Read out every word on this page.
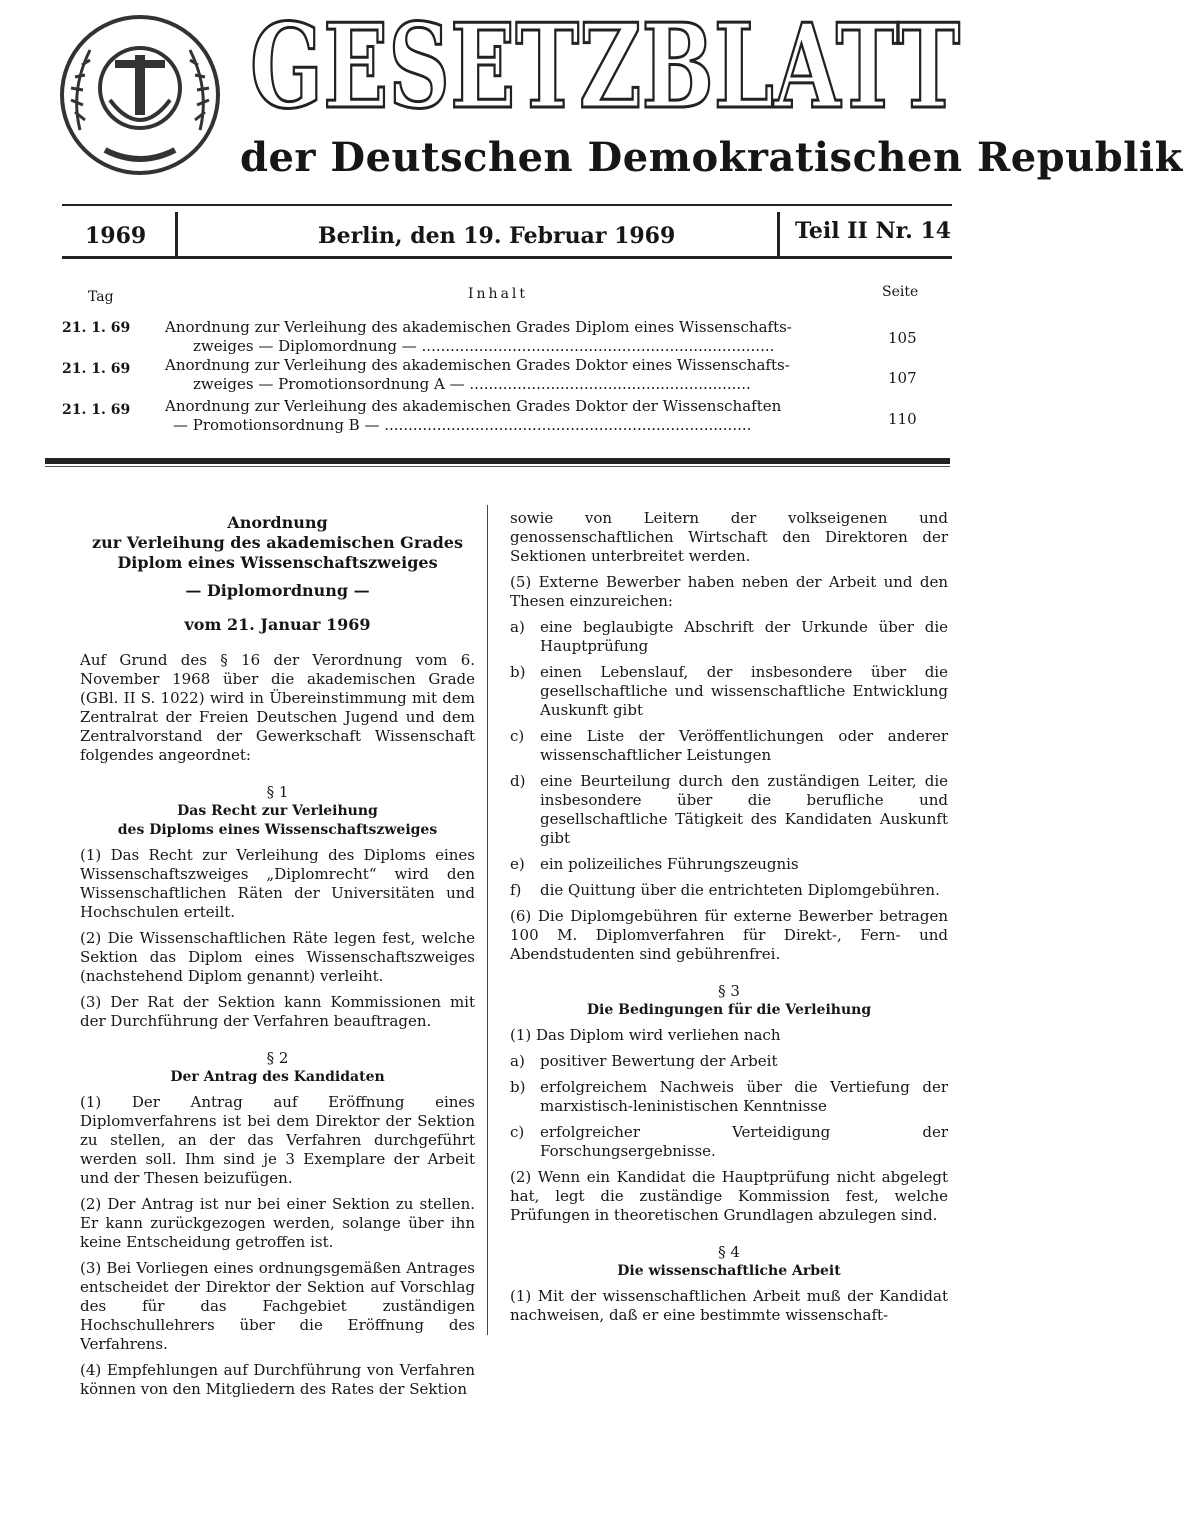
GESETZBLATT
der Deutschen Demokratischen Republik
1969	Berlin, den 19. Februar 1969	Teil II Nr. 14
Tag	Inhalt	Seite
21. 1. 69 Anordnung zur Verleihung des akademischen Grades Diplom eines Wissenschafts-
zweiges — Diplomordnung — ..........................................................................	105
21. 1. 69 Anordnung zur Verleihung des akademischen Grades Doktor eines Wissenschafts-
zweiges — Promotionsordnung A — ...........................................................	107
21. 1. 69 Anordnung zur Verleihung des akademischen Grades Doktor der Wissenschaften
— Promotionsordnung B — .............................................................................	110
Anordnung
zur Verleihung des akademischen Grades
Diplom eines Wissenschaftszweiges
— Diplomordnung —
vom 21. Januar 1969

Auf Grund des § 16 der Verordnung vom 6. November 1968 über die akademischen Grade (GBl. II S. 1022) wird in Übereinstimmung mit dem Zentralrat der Freien Deutschen Jugend und dem Zentralvorstand der Gewerkschaft Wissenschaft folgendes angeordnet:

§ 1
Das Recht zur Verleihung
des Diploms eines Wissenschaftszweiges

(1) Das Recht zur Verleihung des Diploms eines Wissenschaftszweiges „Diplomrecht“ wird den Wissenschaftlichen Räten der Universitäten und Hochschulen erteilt.

(2) Die Wissenschaftlichen Räte legen fest, welche Sektion das Diplom eines Wissenschaftszweiges (nachstehend Diplom genannt) verleiht.

(3) Der Rat der Sektion kann Kommissionen mit der Durchführung der Verfahren beauftragen.

§ 2
Der Antrag des Kandidaten

(1) Der Antrag auf Eröffnung eines Diplomverfahrens ist bei dem Direktor der Sektion zu stellen, an der das Verfahren durchgeführt werden soll. Ihm sind je 3 Exemplare der Arbeit und der Thesen beizufügen.

(2) Der Antrag ist nur bei einer Sektion zu stellen. Er kann zurückgezogen werden, solange über ihn keine Entscheidung getroffen ist.

(3) Bei Vorliegen eines ordnungsgemäßen Antrages entscheidet der Direktor der Sektion auf Vorschlag des für das Fachgebiet zuständigen Hochschullehrers über die Eröffnung des Verfahrens.

(4) Empfehlungen auf Durchführung von Verfahren können von den Mitgliedern des Rates der Sektion

sowie von Leitern der volkseigenen und genossenschaftlichen Wirtschaft den Direktoren der Sektionen unterbreitet werden.

(5) Externe Bewerber haben neben der Arbeit und den Thesen einzureichen:

a) eine beglaubigte Abschrift der Urkunde über die Hauptprüfung
b) einen Lebenslauf, der insbesondere über die gesellschaftliche und wissenschaftliche Entwicklung Auskunft gibt
c) eine Liste der Veröffentlichungen oder anderer wissenschaftlicher Leistungen
d) eine Beurteilung durch den zuständigen Leiter, die insbesondere über die berufliche und gesellschaftliche Tätigkeit des Kandidaten Auskunft gibt
e) ein polizeiliches Führungszeugnis
f) die Quittung über die entrichteten Diplomgebühren.

(6) Die Diplomgebühren für externe Bewerber betragen 100 M. Diplomverfahren für Direkt-, Fern- und Abendstudenten sind gebührenfrei.

§ 3
Die Bedingungen für die Verleihung

(1) Das Diplom wird verliehen nach

a) positiver Bewertung der Arbeit
b) erfolgreichem Nachweis über die Vertiefung der marxistisch-leninistischen Kenntnisse
c) erfolgreicher Verteidigung der Forschungsergebnisse.

(2) Wenn ein Kandidat die Hauptprüfung nicht abgelegt hat, legt die zuständige Kommission fest, welche Prüfungen in theoretischen Grundlagen abzulegen sind.

§ 4
Die wissenschaftliche Arbeit

(1) Mit der wissenschaftlichen Arbeit muß der Kandidat nachweisen, daß er eine bestimmte wissenschaft-
